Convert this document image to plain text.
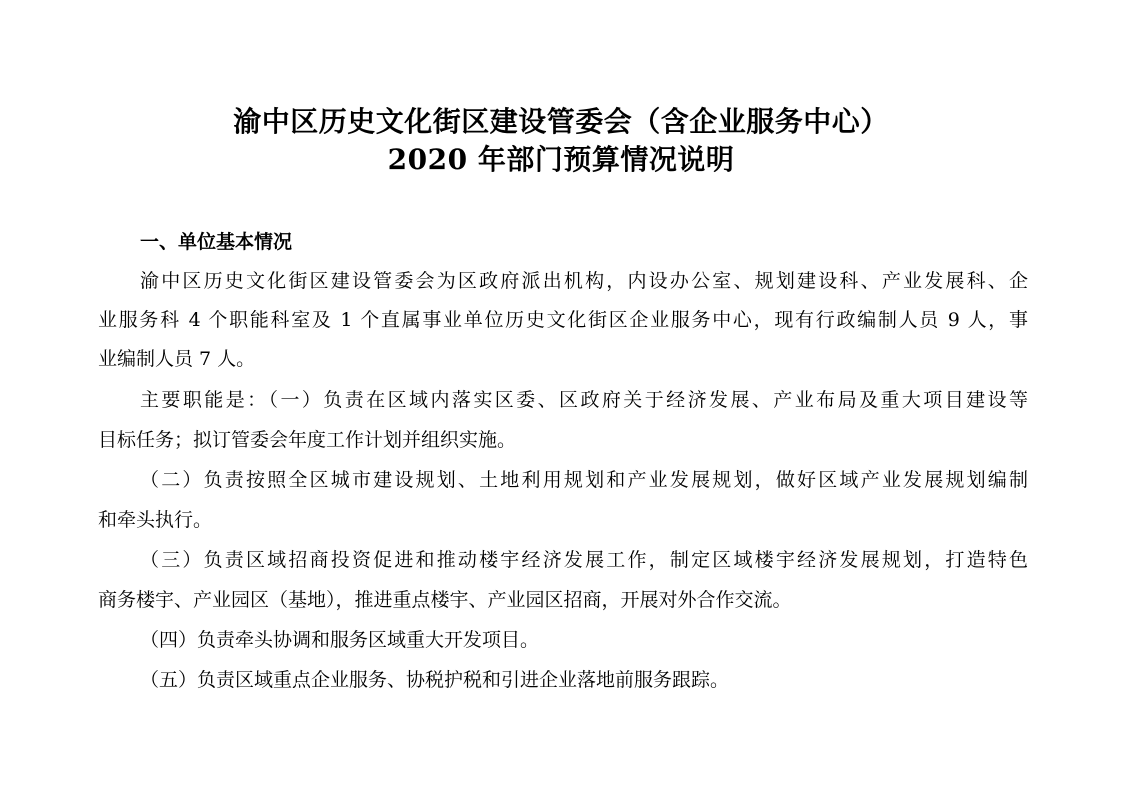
渝中区历史文化街区建设管委会（含企业服务中心）
2020 年部门预算情况说明
一、单位基本情况
渝中区历史文化街区建设管委会为区政府派出机构，内设办公室、规划建设科、产业发展科、企
业服务科 4 个职能科室及 1 个直属事业单位历史文化街区企业服务中心，现有行政编制人员 9 人，事
业编制人员 7 人。
主要职能是：（一）负责在区域内落实区委、区政府关于经济发展、产业布局及重大项目建设等
目标任务；拟订管委会年度工作计划并组织实施。
（二）负责按照全区城市建设规划、土地利用规划和产业发展规划，做好区域产业发展规划编制
和牵头执行。
（三）负责区域招商投资促进和推动楼宇经济发展工作，制定区域楼宇经济发展规划，打造特色
商务楼宇、产业园区（基地），推进重点楼宇、产业园区招商，开展对外合作交流。
（四）负责牵头协调和服务区域重大开发项目。
（五）负责区域重点企业服务、协税护税和引进企业落地前服务跟踪。
